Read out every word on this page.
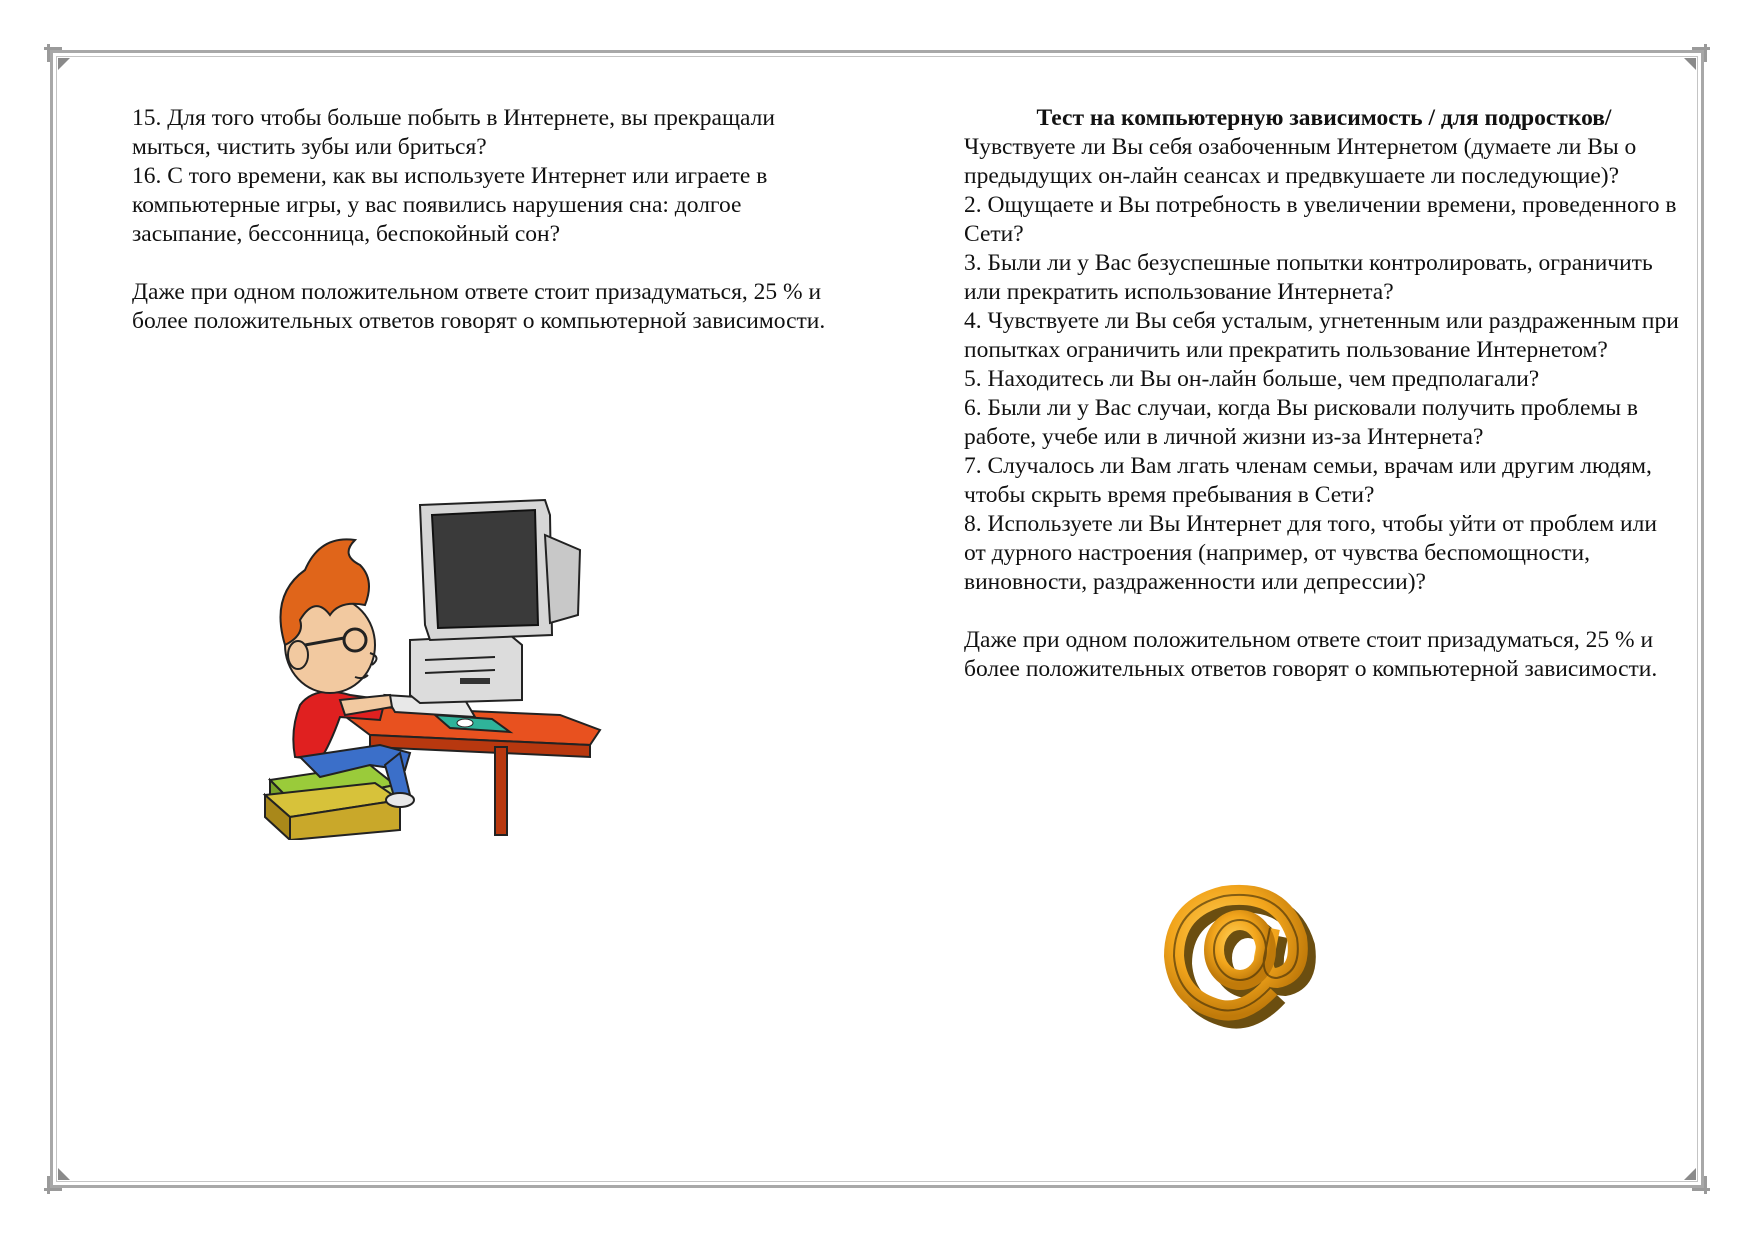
15. Для того чтобы больше побыть в Интернете, вы прекращали мыться, чистить зубы или бриться?

16. С того времени, как вы используете Интернет или играете в компьютерные игры, у вас появились нарушения сна: долгое засыпание, бессонница, беспокойный сон?

Даже при одном положительном ответе стоит призадуматься, 25 % и более положительных ответов говорят о компьютерной зависимости.

Тест на компьютерную зависимость / для подростков/

Чувствуете ли Вы себя озабоченным Интернетом (думаете ли Вы о предыдущих он-лайн сеансах и предвкушаете ли последующие)?

2. Ощущаете и Вы потребность в увеличении времени, проведенного в Сети?

3. Были ли у Вас безуспешные попытки контролировать, ограничить или прекратить использование Интернета?

4. Чувствуете ли Вы себя усталым, угнетенным или раздраженным при попытках ограничить или прекратить пользование Интернетом?

5. Находитесь ли Вы он-лайн больше, чем предполагали?

6. Были ли у Вас случаи, когда Вы рисковали получить проблемы в работе, учебе или в личной жизни из-за Интернета?

7. Случалось ли Вам лгать членам семьи, врачам или другим людям, чтобы скрыть время пребывания в Сети?

8. Используете ли Вы Интернет для того, чтобы уйти от проблем или от дурного настроения (например, от чувства беспомощности, виновности, раздраженности или депрессии)?

Даже при одном положительном ответе стоит призадуматься, 25 % и более положительных ответов говорят о компьютерной зависимости.
